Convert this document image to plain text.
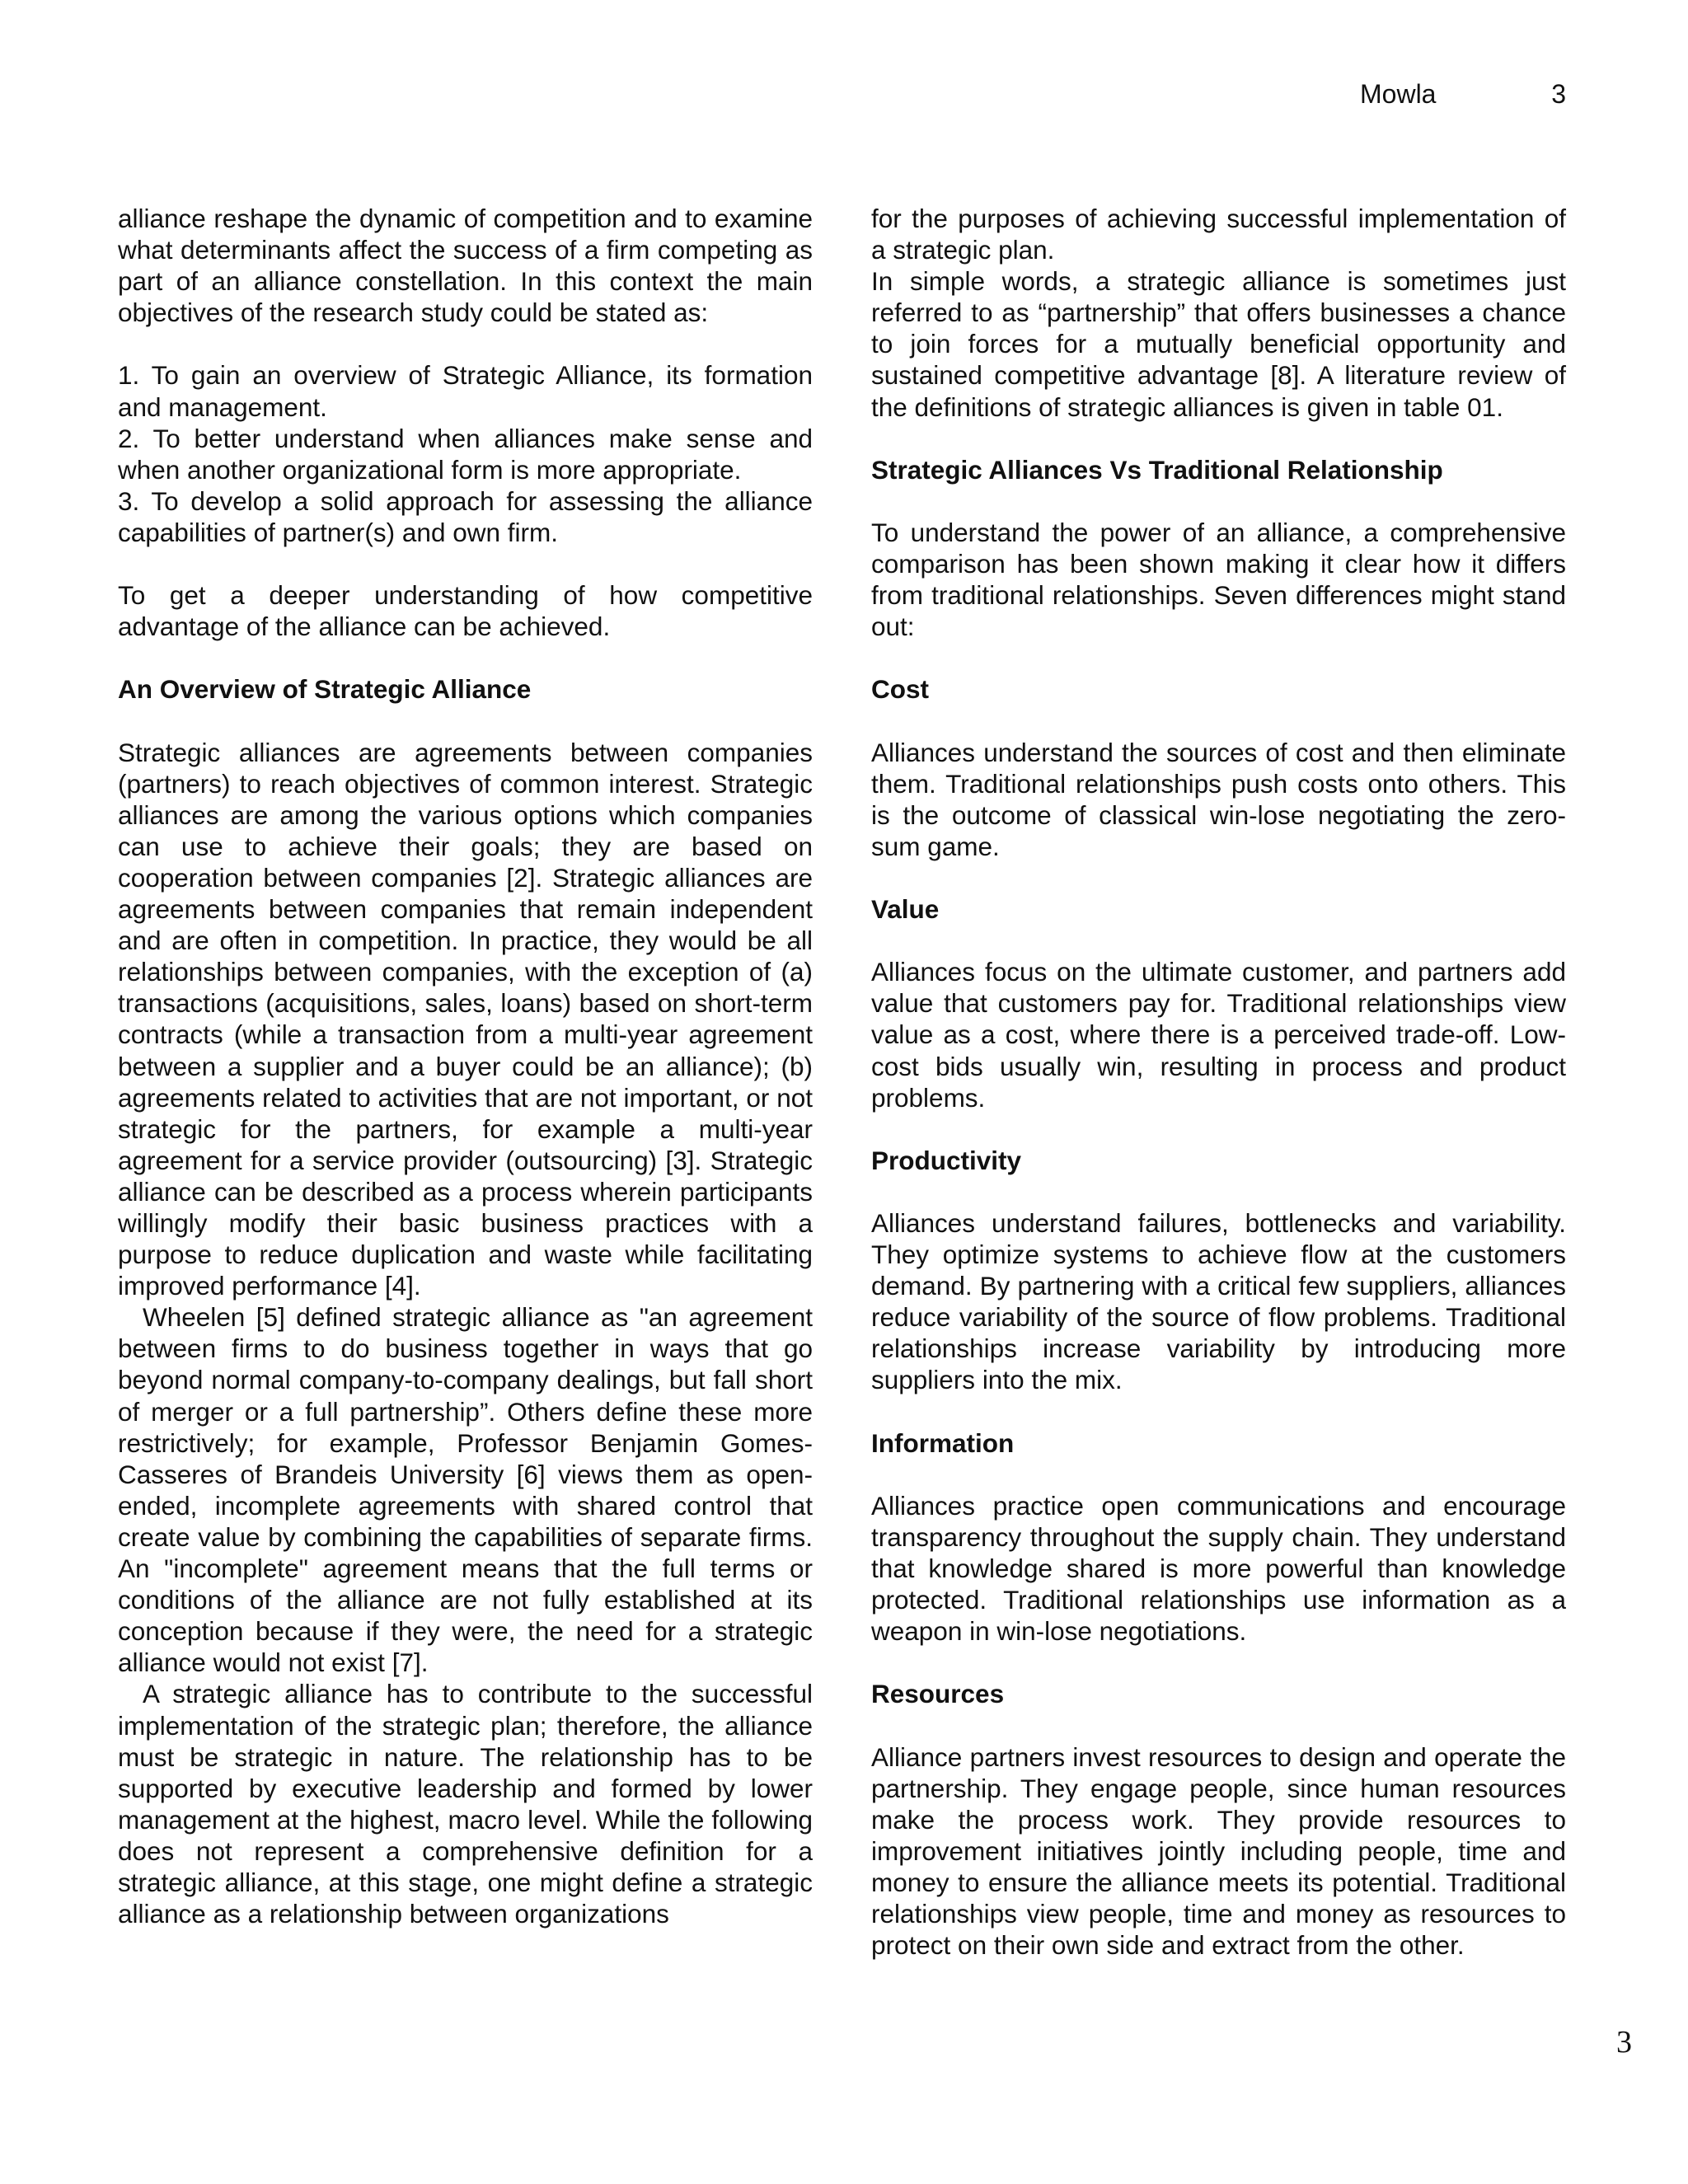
Mowla	3

alliance reshape the dynamic of competition and to examine what determinants affect the success of a firm competing as part of an alliance constellation. In this context the main objectives of the research study could be stated as:

1. To gain an overview of Strategic Alliance, its formation and management.

2. To better understand when alliances make sense and when another organizational form is more appropriate.

3. To develop a solid approach for assessing the alliance capabilities of partner(s) and own firm.

To get a deeper understanding of how competitive advantage of the alliance can be achieved.

An Overview of Strategic Alliance

Strategic alliances are agreements between companies (partners) to reach objectives of common interest. Strategic alliances are among the various options which companies can use to achieve their goals; they are based on cooperation between companies [2]. Strategic alliances are agreements between companies that remain independent and are often in competition. In practice, they would be all relationships between companies, with the exception of (a) transactions (acquisitions, sales, loans) based on short-term contracts (while a transaction from a multi-year agreement between a supplier and a buyer could be an alliance); (b) agreements related to activities that are not important, or not strategic for the partners, for example a multi-year agreement for a service provider (outsourcing) [3]. Strategic alliance can be described as a process wherein participants willingly modify their basic business practices with a purpose to reduce duplication and waste while facilitating improved performance [4].

Wheelen [5] defined strategic alliance as "an agreement between firms to do business together in ways that go beyond normal company-to-company dealings, but fall short of merger or a full partnership”. Others define these more restrictively; for example, Professor Benjamin Gomes-Casseres of Brandeis University [6] views them as open-ended, incomplete agreements with shared control that create value by combining the capabilities of separate firms. An "incomplete" agreement means that the full terms or conditions of the alliance are not fully established at its conception because if they were, the need for a strategic alliance would not exist [7].

A strategic alliance has to contribute to the successful implementation of the strategic plan; therefore, the alliance must be strategic in nature. The relationship has to be supported by executive leadership and formed by lower management at the highest, macro level. While the following does not represent a comprehensive definition for a strategic alliance, at this stage, one might define a strategic alliance as a relationship between organizations

for the purposes of achieving successful implementation of a strategic plan.

In simple words, a strategic alliance is sometimes just referred to as “partnership” that offers businesses a chance to join forces for a mutually beneficial opportunity and sustained competitive advantage [8]. A literature review of the definitions of strategic alliances is given in table 01.

Strategic Alliances Vs Traditional Relationship

To understand the power of an alliance, a comprehensive comparison has been shown making it clear how it differs from traditional relationships. Seven differences might stand out:

Cost

Alliances understand the sources of cost and then eliminate them. Traditional relationships push costs onto others. This is the outcome of classical win-lose negotiating the zero-sum game.

Value

Alliances focus on the ultimate customer, and partners add value that customers pay for. Traditional relationships view value as a cost, where there is a perceived trade-off. Low-cost bids usually win, resulting in process and product problems.

Productivity

Alliances understand failures, bottlenecks and variability. They optimize systems to achieve flow at the customers demand. By partnering with a critical few suppliers, alliances reduce variability of the source of flow problems. Traditional relationships increase variability by introducing more suppliers into the mix.

Information

Alliances practice open communications and encourage transparency throughout the supply chain. They understand that knowledge shared is more powerful than knowledge protected. Traditional relationships use information as a weapon in win-lose negotiations.

Resources

Alliance partners invest resources to design and operate the partnership. They engage people, since human resources make the process work. They provide resources to improvement initiatives jointly including people, time and money to ensure the alliance meets its potential. Traditional relationships view people, time and money as resources to protect on their own side and extract from the other.

3
